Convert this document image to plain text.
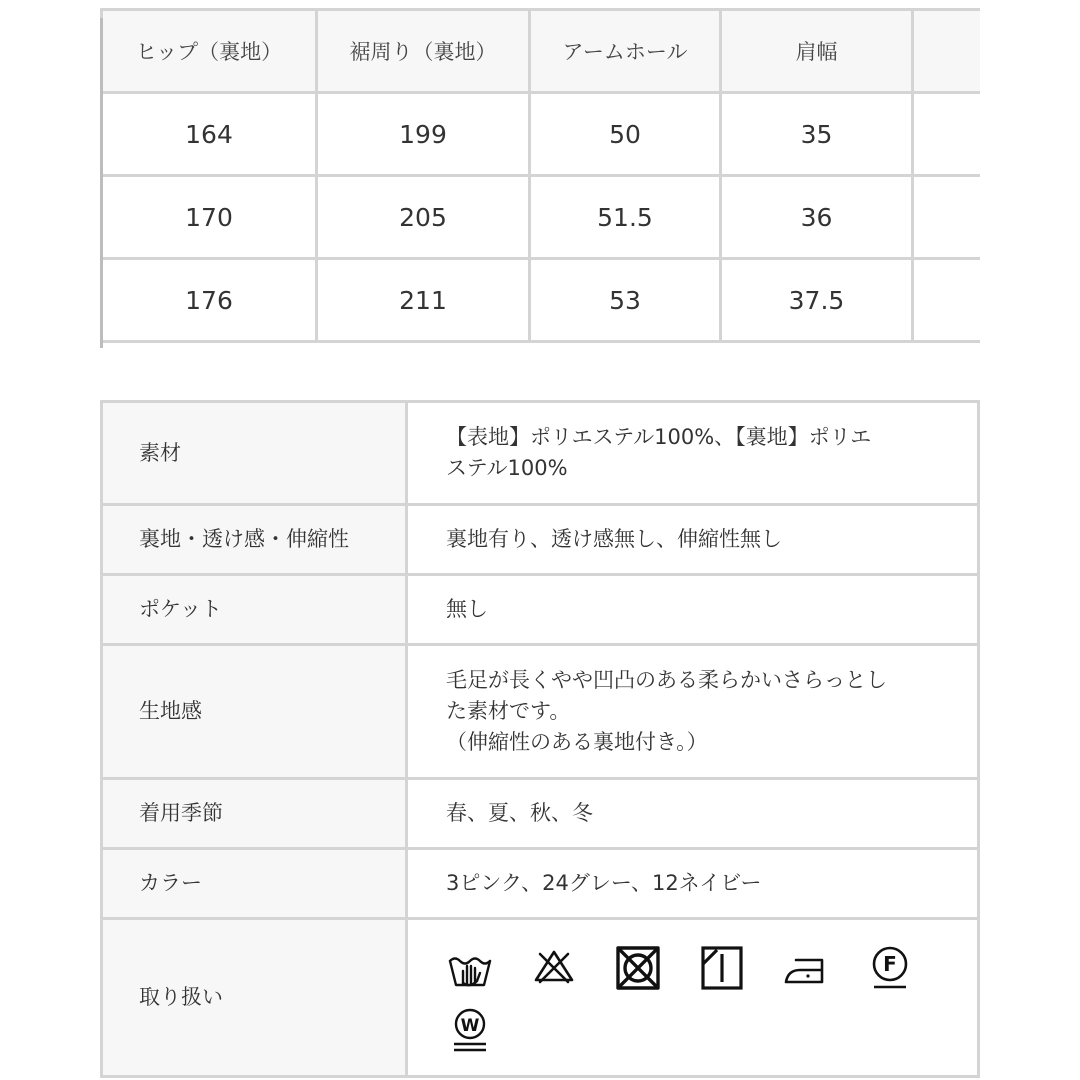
ヒップ（裏地）	裾周り（裏地）	アームホール	肩幅	
164	199	50	35	
170	205	51.5	36	
176	211	53	37.5	
素材	【表地】ポリエステル100%、【裏地】ポリエ
ステル100%

裏地・透け感・伸縮性	裏地有り、透け感無し、伸縮性無し
ポケット	無し
生地感	毛足が長くやや凹凸のある柔らかいさらっとし
た素材です。
（伸縮性のある裏地付き。）

着用季節	春、夏、秋、冬
カラー	3ピンク、24グレー、12ネイビー
取り扱い	F
W
